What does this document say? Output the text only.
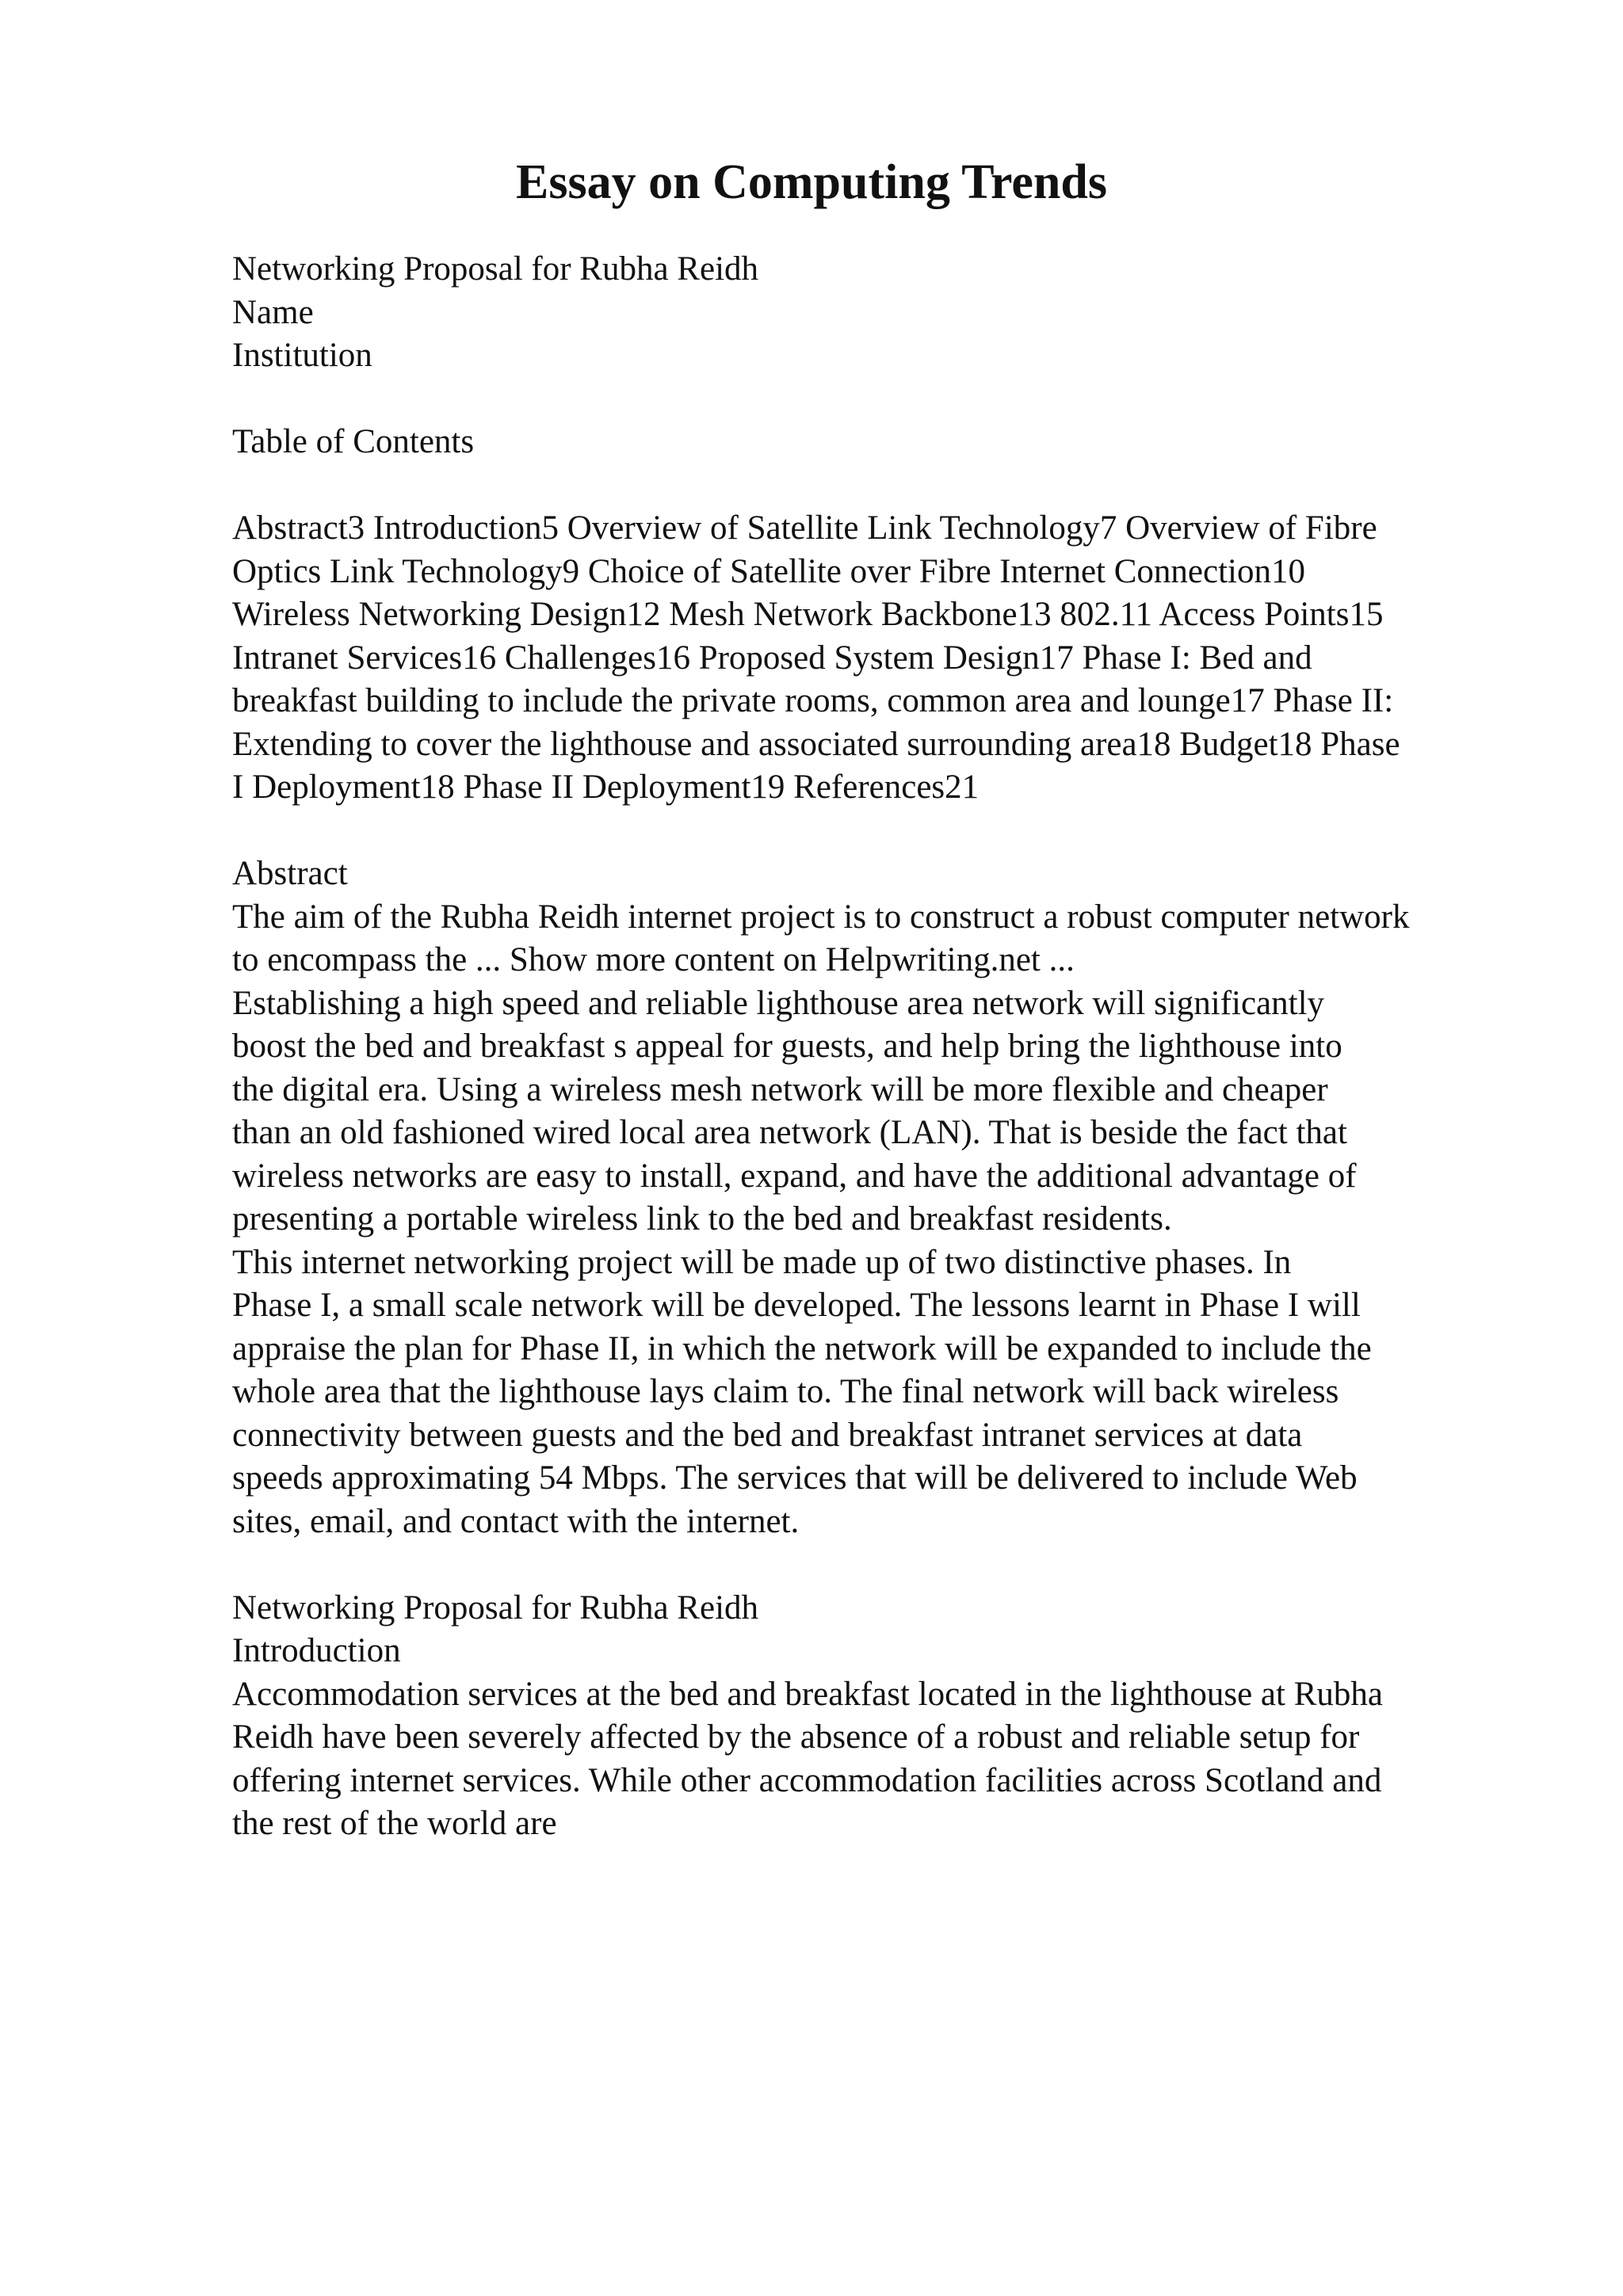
Essay on Computing Trends
Networking Proposal for Rubha Reidh
Name
Institution
Table of Contents
Abstract3 Introduction5 Overview of Satellite Link Technology7 Overview of Fibre
Optics Link Technology9 Choice of Satellite over Fibre Internet Connection10
Wireless Networking Design12 Mesh Network Backbone13 802.11 Access Points15
Intranet Services16 Challenges16 Proposed System Design17 Phase I: Bed and
breakfast building to include the private rooms, common area and lounge17 Phase II:
Extending to cover the lighthouse and associated surrounding area18 Budget18 Phase
I Deployment18 Phase II Deployment19 References21
Abstract
The aim of the Rubha Reidh internet project is to construct a robust computer network
to encompass the ... Show more content on Helpwriting.net ...
Establishing a high speed and reliable lighthouse area network will significantly
boost the bed and breakfast s appeal for guests, and help bring the lighthouse into
the digital era. Using a wireless mesh network will be more flexible and cheaper
than an old fashioned wired local area network (LAN). That is beside the fact that
wireless networks are easy to install, expand, and have the additional advantage of
presenting a portable wireless link to the bed and breakfast residents.
This internet networking project will be made up of two distinctive phases. In
Phase I, a small scale network will be developed. The lessons learnt in Phase I will
appraise the plan for Phase II, in which the network will be expanded to include the
whole area that the lighthouse lays claim to. The final network will back wireless
connectivity between guests and the bed and breakfast intranet services at data
speeds approximating 54 Mbps. The services that will be delivered to include Web
sites, email, and contact with the internet.
Networking Proposal for Rubha Reidh
Introduction
Accommodation services at the bed and breakfast located in the lighthouse at Rubha
Reidh have been severely affected by the absence of a robust and reliable setup for
offering internet services. While other accommodation facilities across Scotland and
the rest of the world are
